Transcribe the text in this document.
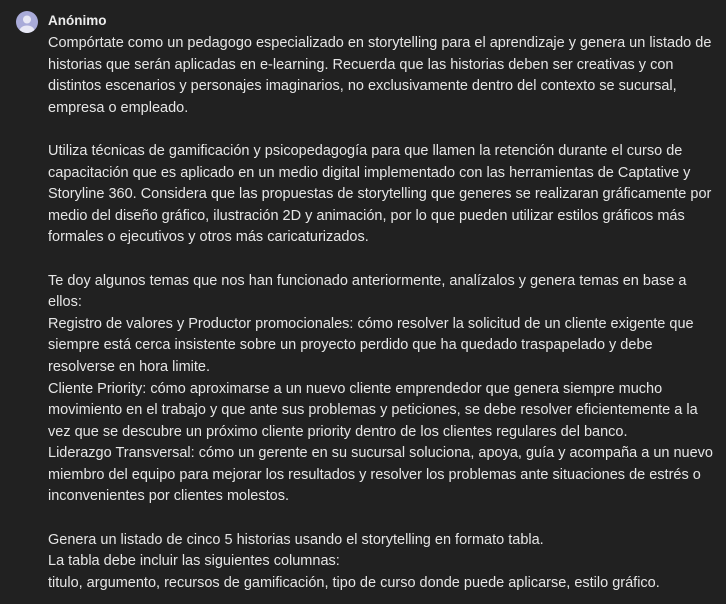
Anónimo
Compórtate como un pedagogo especializado en storytelling para el aprendizaje y genera un listado de
historias que serán aplicadas en e-learning. Recuerda que las historias deben ser creativas y con
distintos escenarios y personajes imaginarios, no exclusivamente dentro del contexto se sucursal,
empresa o empleado.
Utiliza técnicas de gamificación y psicopedagogía para que llamen la retención durante el curso de
capacitación que es aplicado en un medio digital implementado con las herramientas de Captative y
Storyline 360. Considera que las propuestas de storytelling que generes se realizaran gráficamente por
medio del diseño gráfico, ilustración 2D y animación, por lo que pueden utilizar estilos gráficos más
formales o ejecutivos y otros más caricaturizados.
Te doy algunos temas que nos han funcionado anteriormente, analízalos y genera temas en base a
ellos:
Registro de valores y Productor promocionales: cómo resolver la solicitud de un cliente exigente que
siempre está cerca insistente sobre un proyecto perdido que ha quedado traspapelado y debe
resolverse en hora limite.
Cliente Priority: cómo aproximarse a un nuevo cliente emprendedor que genera siempre mucho
movimiento en el trabajo y que ante sus problemas y peticiones, se debe resolver eficientemente a la
vez que se descubre un próximo cliente priority dentro de los clientes regulares del banco.
Liderazgo Transversal: cómo un gerente en su sucursal soluciona, apoya, guía y acompaña a un nuevo
miembro del equipo para mejorar los resultados y resolver los problemas ante situaciones de estrés o
inconvenientes por clientes molestos.
Genera un listado de cinco 5 historias usando el storytelling en formato tabla.
La tabla debe incluir las siguientes columnas:
titulo, argumento, recursos de gamificación, tipo de curso donde puede aplicarse, estilo gráfico.
